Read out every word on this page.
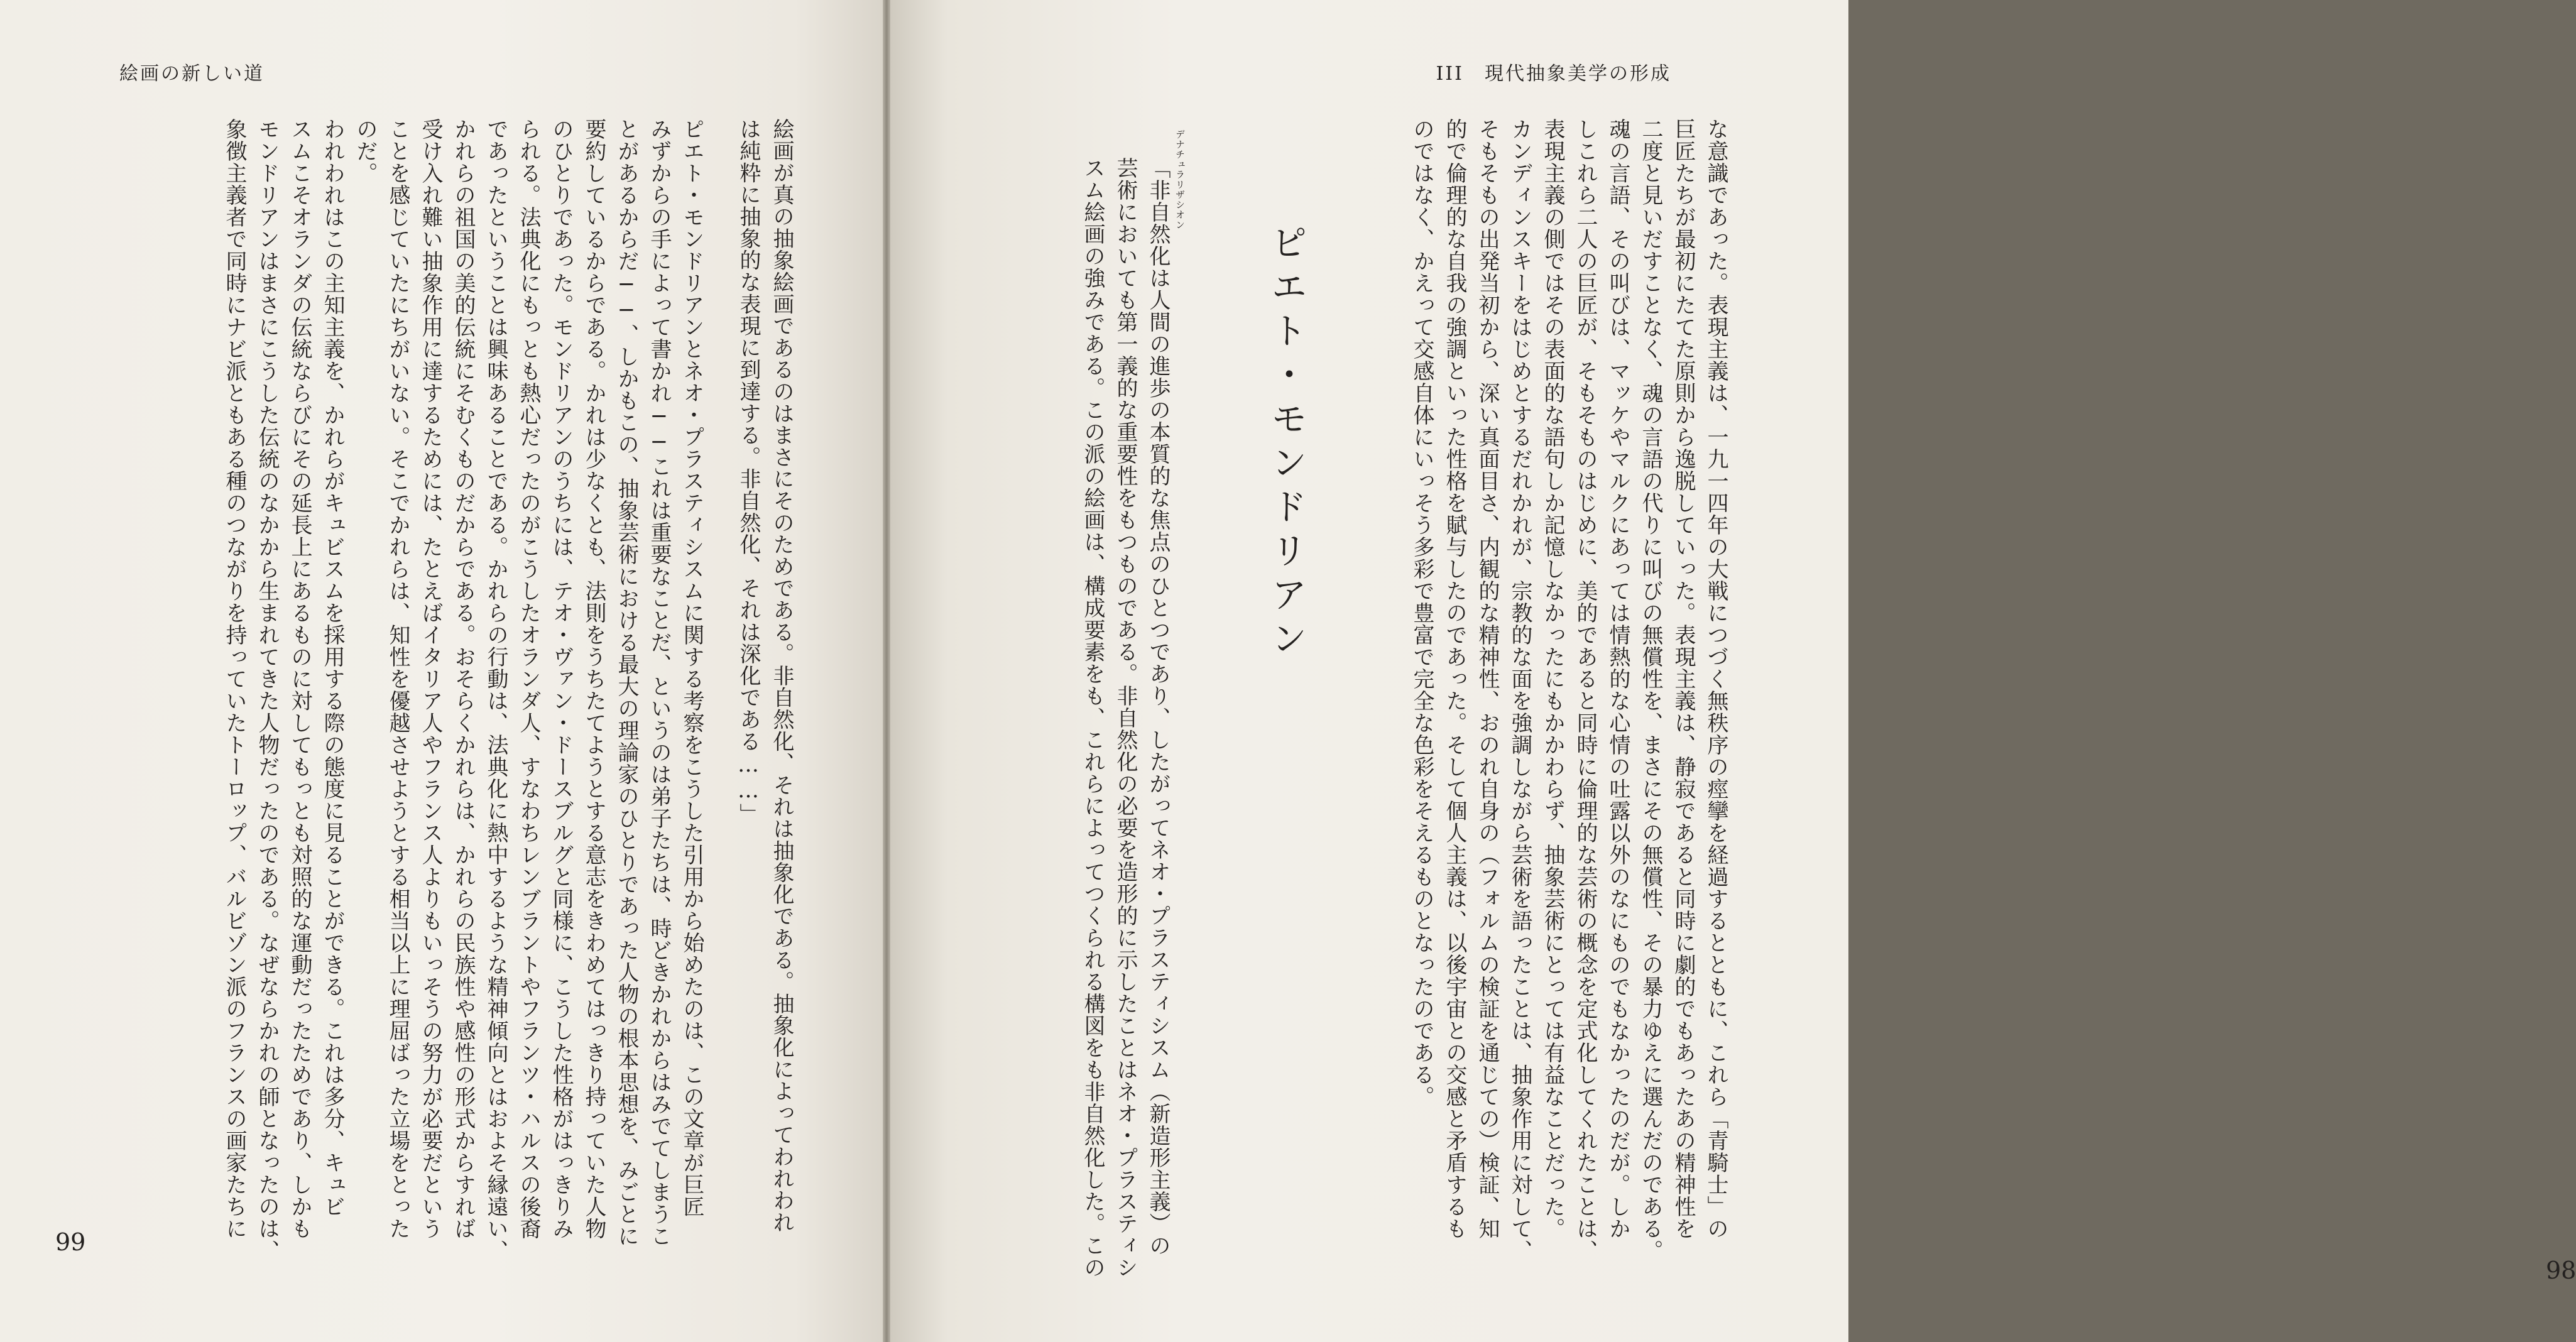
絵画の新しい道
絵画が真の抽象絵画であるのはまさにそのためである。非自然化、それは抽象化である。抽象化によってわれわれ
は純粋に抽象的な表現に到達する。非自然化、それは深化である……」
ピエト・モンドリアンとネオ・プラスティシスムに関する考察をこうした引用から始めたのは、この文章が巨匠
みずからの手によって書かれ──これは重要なことだ、というのは弟子たちは、時どきかれからはみでてしまうこ
とがあるからだ──、しかもこの、抽象芸術における最大の理論家のひとりであった人物の根本思想を、みごとに
要約しているからである。かれは少なくとも、法則をうちたてようとする意志をきわめてはっきり持っていた人物
のひとりであった。モンドリアンのうちには、テオ・ヴァン・ドースブルグと同様に、こうした性格がはっきりみ
られる。法典化にもっとも熱心だったのがこうしたオランダ人、すなわちレンブラントやフランツ・ハルスの後裔
であったということは興味あることである。かれらの行動は、法典化に熱中するような精神傾向とはおよそ縁遠い、
かれらの祖国の美的伝統にそむくものだからである。おそらくかれらは、かれらの民族性や感性の形式からすれば
受け入れ難い抽象作用に達するためには、たとえばイタリア人やフランス人よりもいっそうの努力が必要だという
ことを感じていたにちがいない。そこでかれらは、知性を優越させようとする相当以上に理屈ばった立場をとった
のだ。
われわれはこの主知主義を、かれらがキュビスムを採用する際の態度に見ることができる。これは多分、キュビ
スムこそオランダの伝統ならびにその延長上にあるものに対してもっとも対照的な運動だったためであり、しかも
モンドリアンはまさにこうした伝統のなかから生まれてきた人物だったのである。なぜならかれの師となったのは、
象徴主義者で同時にナビ派ともある種のつながりを持っていたトーロップ、バルビゾン派のフランスの画家たちに
99
III　現代抽象美学の形成
な意識であった。表現主義は、一九一四年の大戦につづく無秩序の痙攣を経過するとともに、これら「青騎士」の
巨匠たちが最初にたてた原則から逸脱していった。表現主義は、静寂であると同時に劇的でもあったあの精神性を
二度と見いだすことなく、魂の言語の代りに叫びの無償性を、まさにその無償性、その暴力ゆえに選んだのである。
魂の言語、その叫びは、マッケやマルクにあっては情熱的な心情の吐露以外のなにものでもなかったのだが。しか
しこれら二人の巨匠が、そもそものはじめに、美的であると同時に倫理的な芸術の概念を定式化してくれたことは、
表現主義の側ではその表面的な語句しか記憶しなかったにもかかわらず、抽象芸術にとっては有益なことだった。
カンディンスキーをはじめとするだれかれが、宗教的な面を強調しながら芸術を語ったことは、抽象作用に対して、
そもそもの出発当初から、深い真面目さ、内観的な精神性、おのれ自身の（フォルムの検証を通じての）検証、知
的で倫理的な自我の強調といった性格を賦与したのであった。そして個人主義は、以後宇宙との交感と矛盾するも
のではなく、かえって交感自体にいっそう多彩で豊富で完全な色彩をそえるものとなったのである。
ピエト・モンドリアン
デナチュラリザシオン
「非自然化は人間の進歩の本質的な焦点のひとつであり、したがってネオ・プラスティシスム（新造形主義）の
芸術においても第一義的な重要性をもつものである。非自然化の必要を造形的に示したことはネオ・プラスティシ
スム絵画の強みである。この派の絵画は、構成要素をも、これらによってつくられる構図をも非自然化した。この	98
